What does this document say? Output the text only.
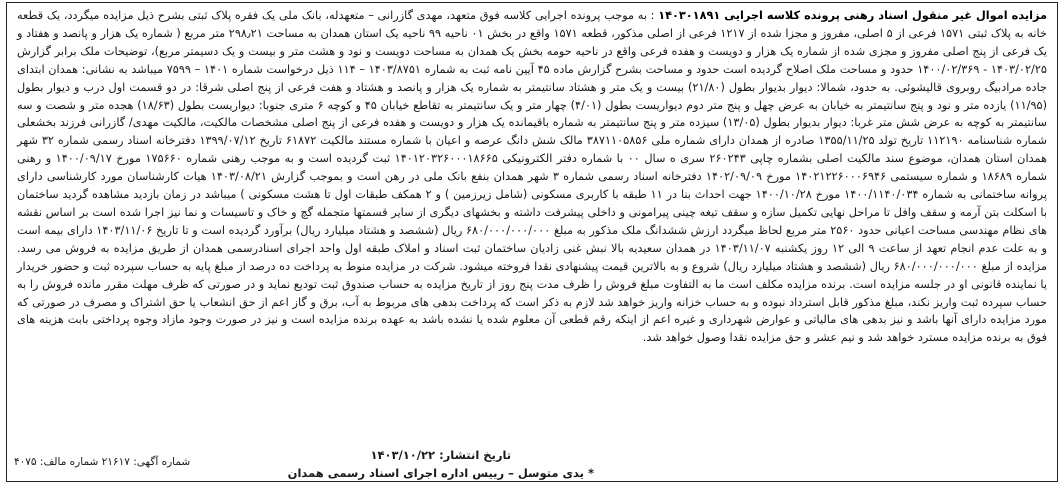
مزایده اموال غیر منقول اسناد رهنی پرونده کلاسه اجرایی ۱۴۰۳۰۱۸۹۱ : به موجب پرونده اجرایی کلاسه فوق متعهد، مهدی گازرانی – متعهدله، بانک ملی یک فقره پلاک ثبتی بشرح ذیل مزایده میگردد، یک قطعه خانه به پلاک ثبتی ۱۵۷۱ فرعی از ۵ اصلی، مفروز و مجزا شده از ۱۲۱۷ فرعی از اصلی مذکور، قطعه ۱۵۷۱ واقع در بخش ۰۱ ناحیه ۹۹ ناحیه یک استان همدان به مساحت ۲۹۸٫۲۱ متر مربع ( شماره یک هزار و پانصد و هفتاد و یک فرعی از پنج اصلی مفروز و مجزی شده از شماره یک هزار و دویست و هفده فرعی واقع در ناحیه حومه بخش یک همدان به مساحت دویست و نود و هشت متر و بیست و یک دسیمتر مربع)، توضیحات ملک برابر گزارش ۱۴۰۳/۰۲/۲۵ - ۱۴۰۰/۰۲/۳۶۹ حدود و مساحت ملک اصلاح گردیده است حدود و مساحت بشرح گزارش ماده ۴۵ آیین نامه ثبت به شماره ۱۴۰۳/۸۷۵۱ – ۱۱۴ ذیل درخواست شماره ۱۴۰۱ – ۷۵۹۹ میباشد به نشانی: همدان ابتدای جاده مرادبیگ روبروی قالیشوئی. به حدود، شمالا: دیوار بدیوار بطول (۲۱/۸۰) بیست و یک متر و هشتاد سانتیمتر به شماره یک هزار و پانصد و هشتاد و هفت فرعی از پنج اصلی شرقا: در دو قسمت اول درب و دیوار بطول (۱۱/۹۵) یازده متر و نود و پنج سانتیمتر به خیابان به عرض چهل و پنج متر دوم دیواریست بطول (۴/۰۱) چهار متر و یک سانتیمتر به تقاطع خیابان ۴۵ و کوچه ۶ متری جنوبا: دیواریست بطول (۱۸/۶۳) هجده متر و شصت و سه سانتیمتر به کوچه به عرض شش متر غربا: دیوار بدیوار بطول (۱۳/۰۵) سیزده متر و پنج سانتیمتر به شماره باقیمانده یک هزار و دویست و هفده فرعی از پنج اصلی مشخصات مالکیت، مالکیت مهدی/ گازرانی فرزند بخشعلی شماره شناسنامه ۱۱۲۱۹۰ تاریخ تولد ۱۳۵۵/۱۱/۲۵ صادره از همدان دارای شماره ملی ۳۸۷۱۱۰۵۸۵۶ مالک شش دانگ عرصه و اعیان با شماره مستند مالکیت ۶۱۸۷۲ تاریخ ۱۳۹۹/۰۷/۱۲ دفترخانه اسناد رسمی شماره ۳۲ شهر همدان استان همدان، موضوع سند مالکیت اصلی بشماره چاپی ۲۶۰۲۴۳ سری ه سال ۰۰ با شماره دفتر الکترونیکی ۱۴۰۱۲۰۳۲۶۰۰۰۱۸۶۶۵ ثبت گردیده است و به موجب رهنی شماره ۱۷۵۶۶۰ مورخ ۱۴۰۰/۰۹/۱۷ و رهنی شماره ۱۸۶۸۹ و شماره سیستمی ۱۴۰۲۱۲۲۶۰۰۰۶۹۴۶ مورخ ۱۴۰۲/۰۹/۰۹ دفترخانه اسناد رسمی شماره ۳ شهر همدان بنفع بانک ملی در رهن است و بموجب گزارش ۱۴۰۳/۰۸/۲۱ هیات کارشناسان مورد کارشناسی دارای پروانه ساختمانی به شماره ۱۴۰۰/۱۱۴۰/۰۳۴ مورخ ۱۴۰۰/۱۰/۲۸ جهت احداث بنا در ۱۱ طبقه با کاربری مسکونی (شامل زیرزمین ) و ۲ همکف طبقات اول تا هشت مسکونی ) میباشد در زمان بازدید مشاهده گردید ساختمان با اسکلت بتن آرمه و سقف وافل تا مراحل نهایی تکمیل سازه و سقف تیغه چینی پیرامونی و داخلی پیشرفت داشته و بخشهای دیگری از سایر قسمتها متجمله گچ و خاک و تاسیسات و نما نیز اجرا شده است بر اساس نقشه های نظام مهندسی مساحت اعیانی حدود ۲۵۶۰ متر مربع لحاظ میگردد ارزش ششدانگ ملک مذکور به مبلغ ۶۸۰/۰۰۰/۰۰۰/۰۰۰ ریال (ششصد و هشتاد میلیارد ریال) برآورد گردیده است و تا تاریخ ۱۴۰۳/۱۱/۰۶ دارای بیمه است و به علت عدم انجام تعهد از ساعت ۹ الی ۱۲ روز یکشنبه ۱۴۰۳/۱۱/۰۷ در همدان سعیدیه بالا نبش غنی زادیان ساختمان ثبت اسناد و املاک طبقه اول واحد اجرای اسنادرسمی همدان از طریق مزایده به فروش می رسد. مزایده از مبلغ ۶۸۰/۰۰۰/۰۰۰/۰۰۰ ریال (ششصد و هشتاد میلیارد ریال) شروع و به بالاترین قیمت پیشنهادی نقدا فروخته میشود. شرکت در مزایده منوط به پرداخت ده درصد از مبلغ پایه به حساب سپرده ثبت و حضور خریدار یا نماینده قانونی او در جلسه مزایده است. برنده مزایده مکلف است ما به التفاوت مبلغ فروش را ظرف مدت پنج روز از تاریخ مزایده به حساب صندوق ثبت تودیع نماید و در صورتی که ظرف مهلت مقرر مانده فروش را به حساب سپرده ثبت واریز نکند، مبلغ مذکور قابل استرداد نبوده و به حساب خزانه واریز خواهد شد لازم به ذکر است که پرداخت بدهی های مربوط به آب، برق و گاز اعم از حق انشعاب یا حق اشتراک و مصرف در صورتی که مورد مزایده دارای آنها باشد و نیز بدهی های مالیاتی و عوارض شهرداری و غیره اعم از اینکه رقم قطعی آن معلوم شده یا نشده باشد به عهده برنده مزایده است و نیز در صورت وجود مازاد وجوه پرداختی بابت هزینه های فوق به برنده مزایده مسترد خواهد شد و نیم عشر و حق مزایده نقدا وصول خواهد شد.

تاریخ انتشار: ۱۴۰۳/۱۰/۲۲
* یدی متوسل – رییس اداره اجرای اسناد رسمی همدان
شماره آگهی: ۲۱۶۱۷ شماره مالف: ۴۰۷۵
